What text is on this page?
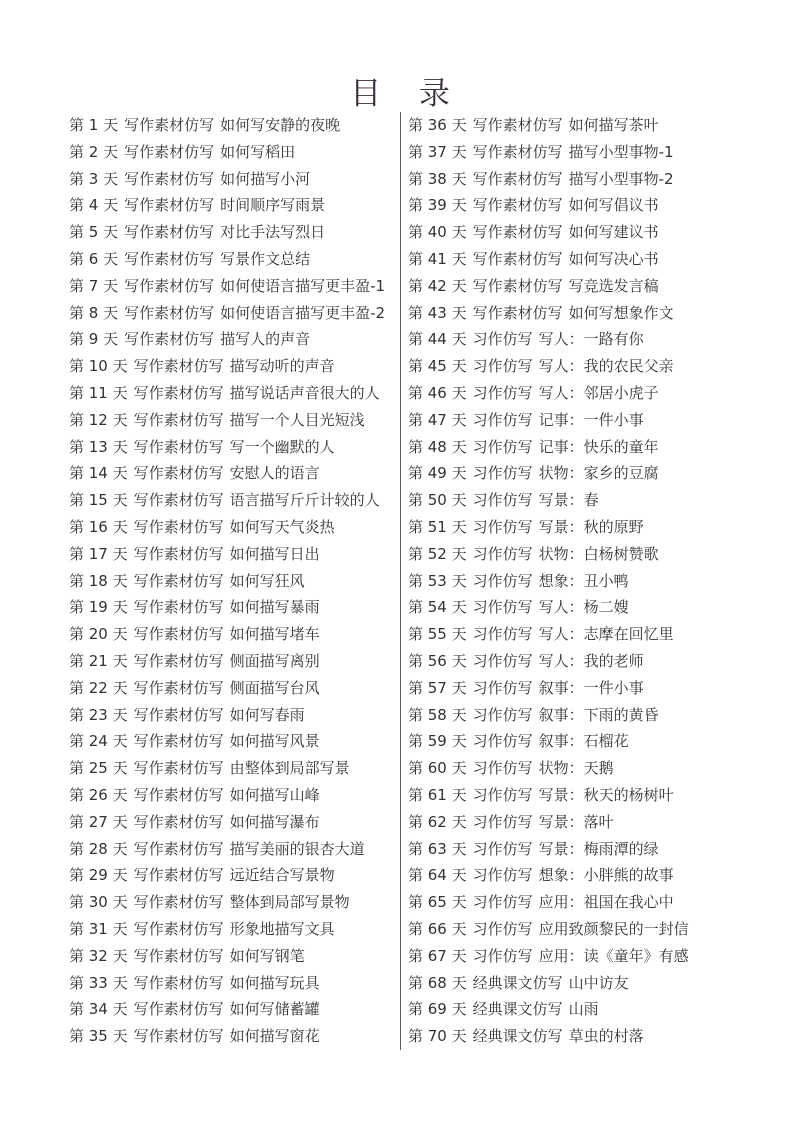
目 录
第 1 天 写作素材仿写 如何写安静的夜晚
第 2 天 写作素材仿写 如何写稻田
第 3 天 写作素材仿写 如何描写小河
第 4 天 写作素材仿写 时间顺序写雨景
第 5 天 写作素材仿写 对比手法写烈日
第 6 天 写作素材仿写 写景作文总结
第 7 天 写作素材仿写 如何使语言描写更丰盈-1
第 8 天 写作素材仿写 如何使语言描写更丰盈-2
第 9 天 写作素材仿写 描写人的声音
第 10 天 写作素材仿写 描写动听的声音
第 11 天 写作素材仿写 描写说话声音很大的人
第 12 天 写作素材仿写 描写一个人目光短浅
第 13 天 写作素材仿写 写一个幽默的人
第 14 天 写作素材仿写 安慰人的语言
第 15 天 写作素材仿写 语言描写斤斤计较的人
第 16 天 写作素材仿写 如何写天气炎热
第 17 天 写作素材仿写 如何描写日出
第 18 天 写作素材仿写 如何写狂风
第 19 天 写作素材仿写 如何描写暴雨
第 20 天 写作素材仿写 如何描写堵车
第 21 天 写作素材仿写 侧面描写离别
第 22 天 写作素材仿写 侧面描写台风
第 23 天 写作素材仿写 如何写春雨
第 24 天 写作素材仿写 如何描写风景
第 25 天 写作素材仿写 由整体到局部写景
第 26 天 写作素材仿写 如何描写山峰
第 27 天 写作素材仿写 如何描写瀑布
第 28 天 写作素材仿写 描写美丽的银杏大道
第 29 天 写作素材仿写 远近结合写景物
第 30 天 写作素材仿写 整体到局部写景物
第 31 天 写作素材仿写 形象地描写文具
第 32 天 写作素材仿写 如何写钢笔
第 33 天 写作素材仿写 如何描写玩具
第 34 天 写作素材仿写 如何写储蓄罐
第 35 天 写作素材仿写 如何描写窗花
第 36 天 写作素材仿写 如何描写茶叶
第 37 天 写作素材仿写 描写小型事物-1
第 38 天 写作素材仿写 描写小型事物-2
第 39 天 写作素材仿写 如何写倡议书
第 40 天 写作素材仿写 如何写建议书
第 41 天 写作素材仿写 如何写决心书
第 42 天 写作素材仿写 写竞选发言稿
第 43 天 写作素材仿写 如何写想象作文
第 44 天 习作仿写 写人：一路有你
第 45 天 习作仿写 写人：我的农民父亲
第 46 天 习作仿写 写人：邻居小虎子
第 47 天 习作仿写 记事：一件小事
第 48 天 习作仿写 记事：快乐的童年
第 49 天 习作仿写 状物：家乡的豆腐
第 50 天 习作仿写 写景：春
第 51 天 习作仿写 写景：秋的原野
第 52 天 习作仿写 状物：白杨树赞歌
第 53 天 习作仿写 想象：丑小鸭
第 54 天 习作仿写 写人：杨二嫂
第 55 天 习作仿写 写人：志摩在回忆里
第 56 天 习作仿写 写人：我的老师
第 57 天 习作仿写 叙事：一件小事
第 58 天 习作仿写 叙事：下雨的黄昏
第 59 天 习作仿写 叙事：石榴花
第 60 天 习作仿写 状物：天鹅
第 61 天 习作仿写 写景：秋天的杨树叶
第 62 天 习作仿写 写景：落叶
第 63 天 习作仿写 写景：梅雨潭的绿
第 64 天 习作仿写 想象：小胖熊的故事
第 65 天 习作仿写 应用：祖国在我心中
第 66 天 习作仿写 应用致颜黎民的一封信
第 67 天 习作仿写 应用：读《童年》有感
第 68 天 经典课文仿写 山中访友
第 69 天 经典课文仿写 山雨
第 70 天 经典课文仿写 草虫的村落
